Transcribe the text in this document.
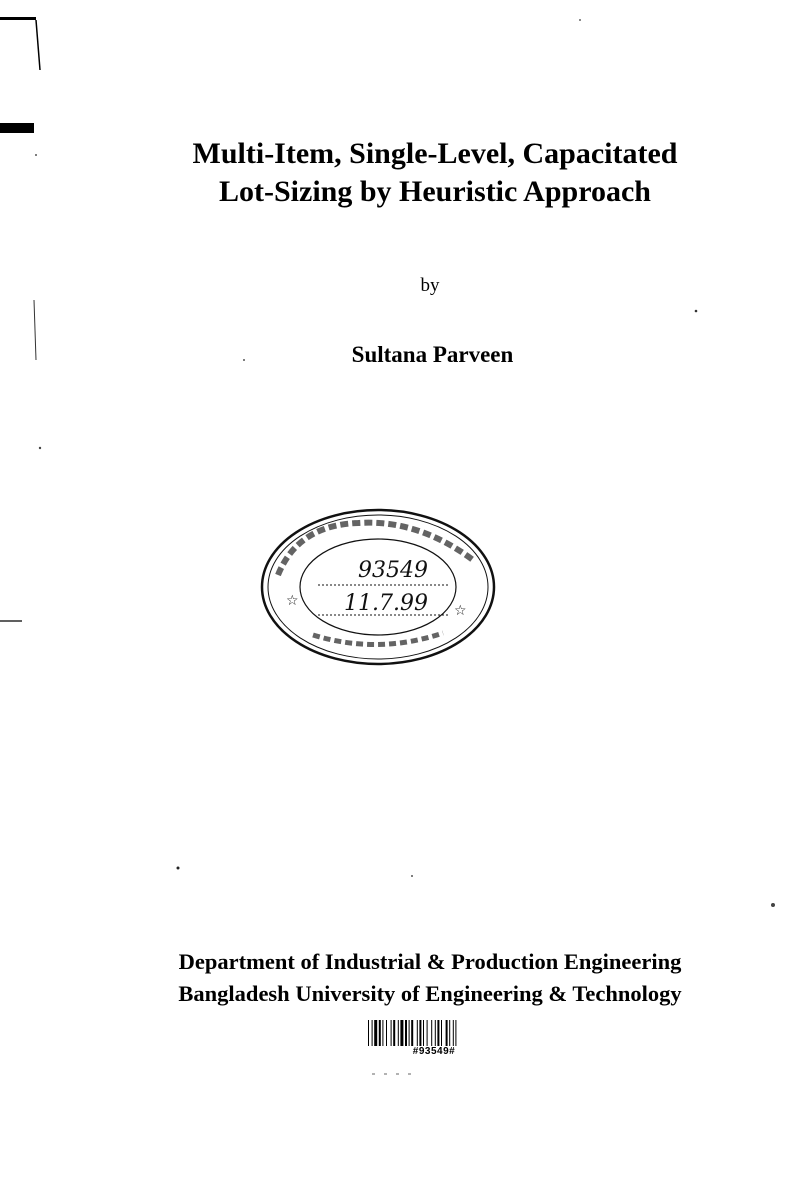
Multi-Item, Single-Level, Capacitated
Lot-Sizing by Heuristic Approach
by
Sultana Parveen
93549
11.7.99
☆
☆
Department of Industrial & Production Engineering
Bangladesh University of Engineering & Technology
#93549#
